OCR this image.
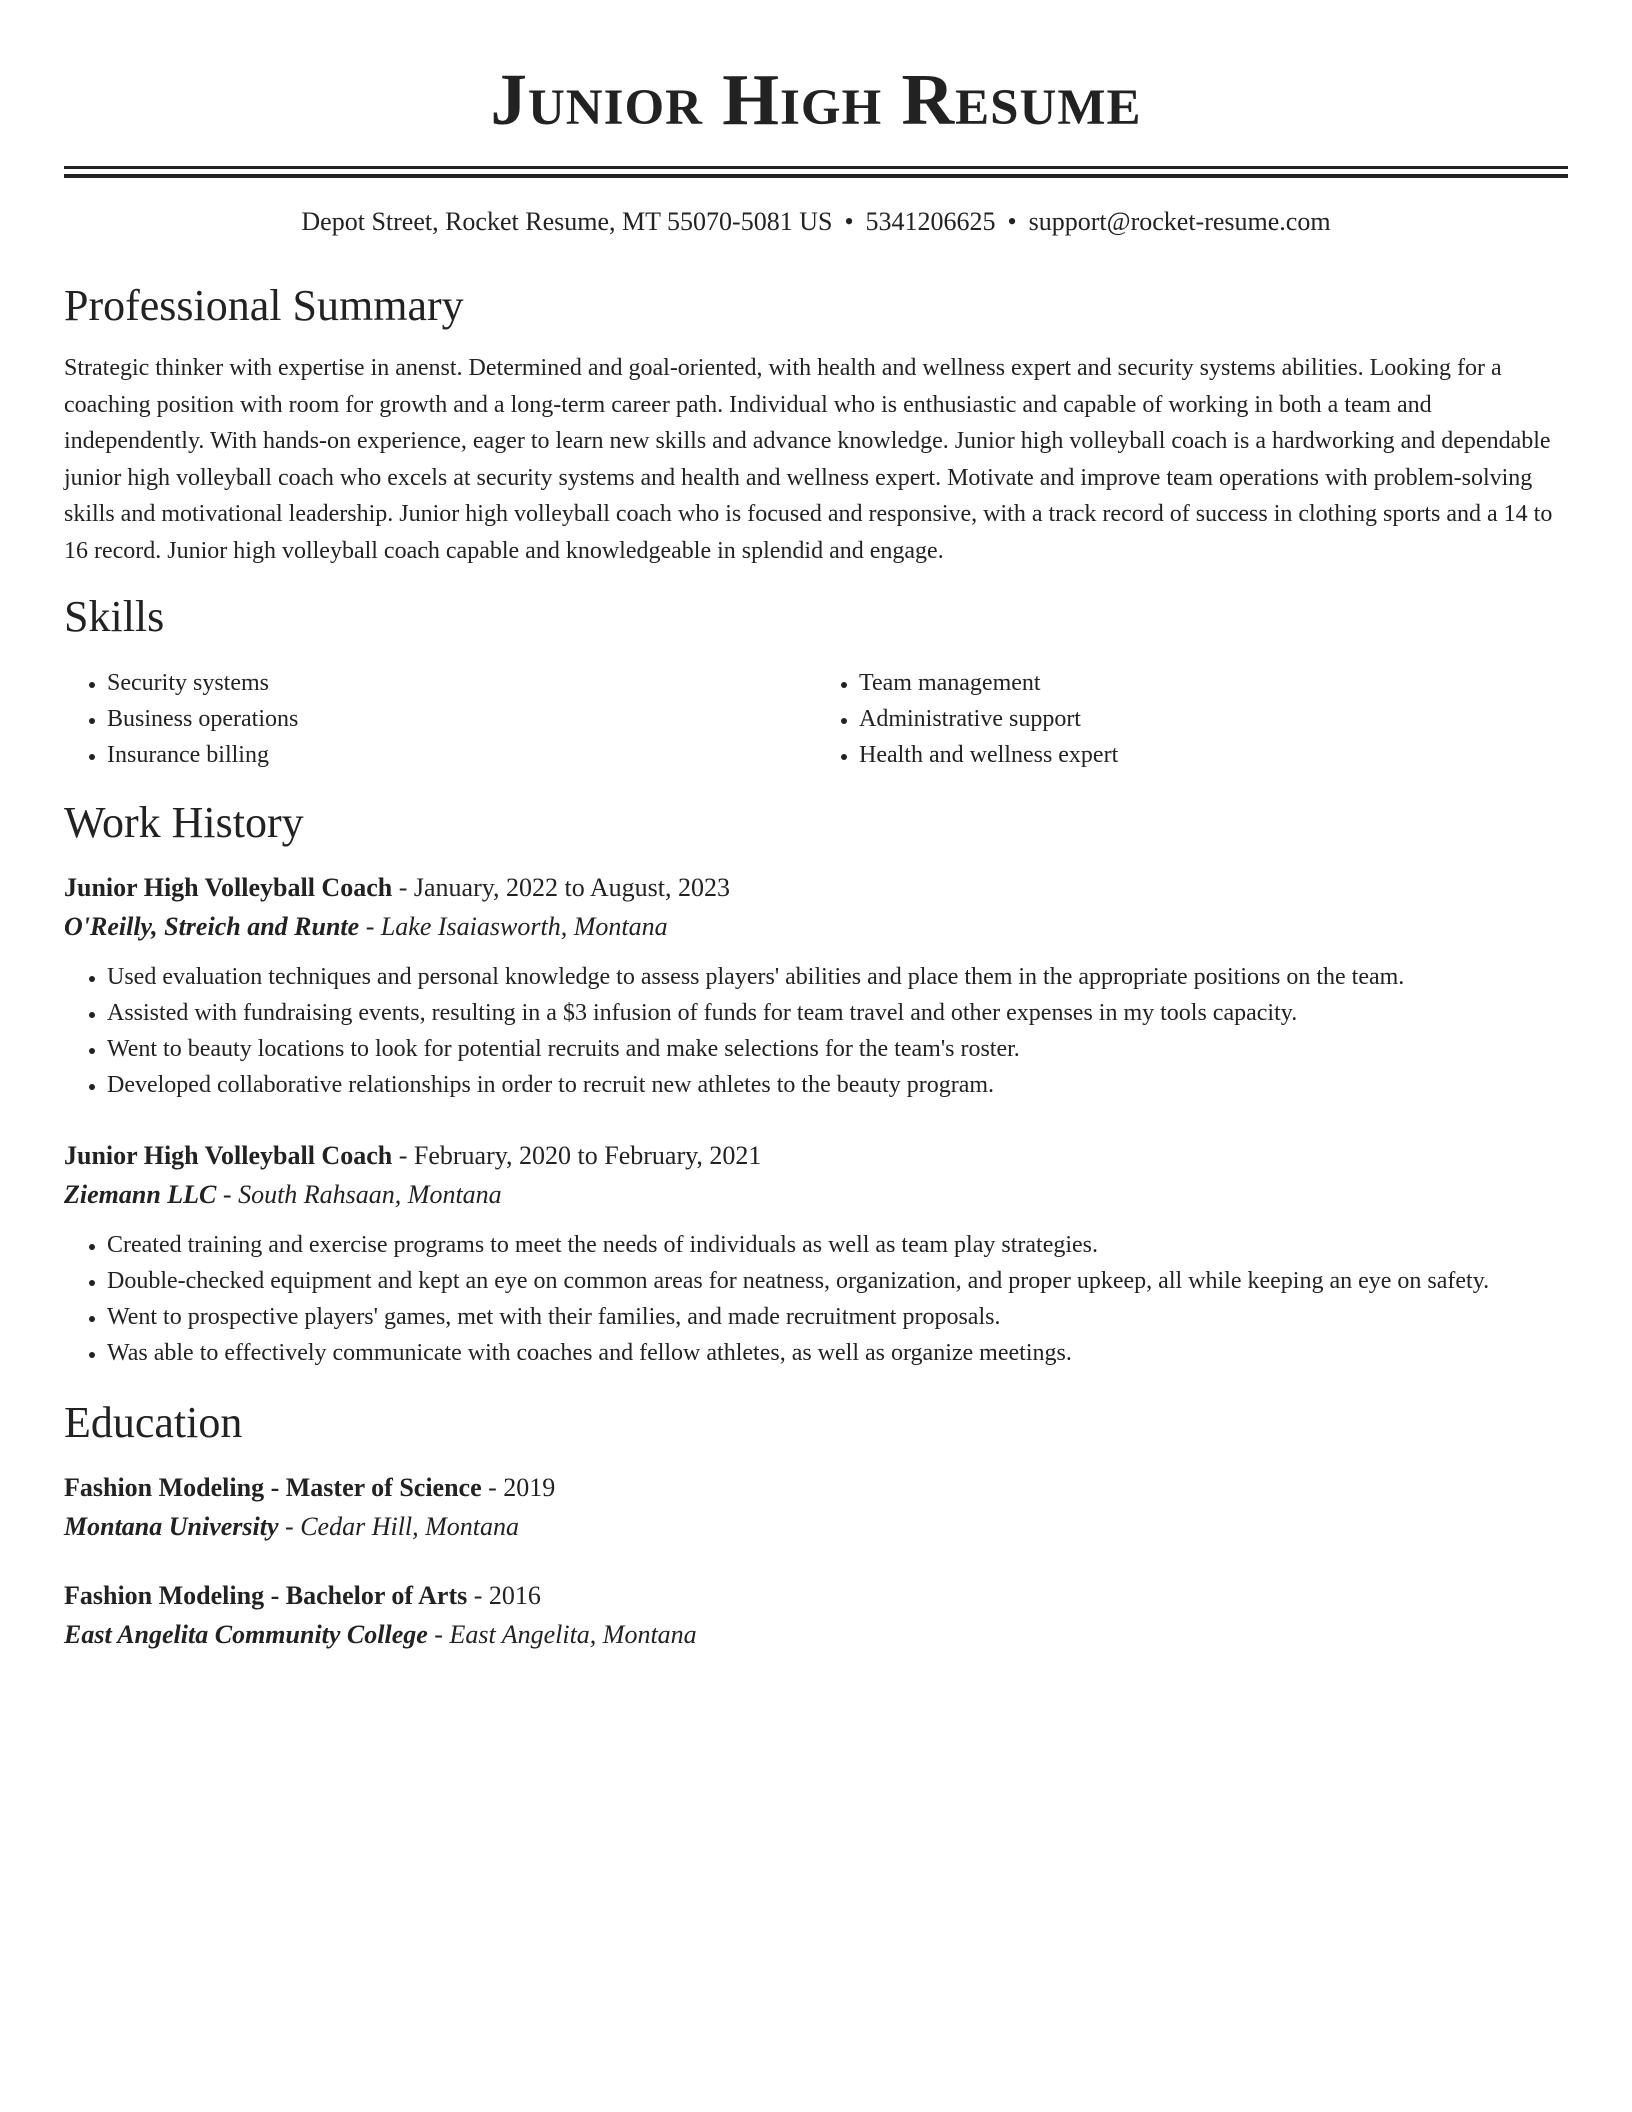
Junior High Resume
Depot Street, Rocket Resume, MT 55070-5081 US • 5341206625 • support@rocket-resume.com
Professional Summary
Strategic thinker with expertise in anenst. Determined and goal-oriented, with health and wellness expert and security systems abilities. Looking for a coaching position with room for growth and a long-term career path. Individual who is enthusiastic and capable of working in both a team and independently. With hands-on experience, eager to learn new skills and advance knowledge. Junior high volleyball coach is a hardworking and dependable junior high volleyball coach who excels at security systems and health and wellness expert. Motivate and improve team operations with problem-solving skills and motivational leadership. Junior high volleyball coach who is focused and responsive, with a track record of success in clothing sports and a 14 to 16 record. Junior high volleyball coach capable and knowledgeable in splendid and engage.
Skills
• Security systems
• Business operations
• Insurance billing
• Team management
• Administrative support
• Health and wellness expert
Work History
Junior High Volleyball Coach - January, 2022 to August, 2023
O'Reilly, Streich and Runte - Lake Isaiasworth, Montana
• Used evaluation techniques and personal knowledge to assess players' abilities and place them in the appropriate positions on the team.
• Assisted with fundraising events, resulting in a $3 infusion of funds for team travel and other expenses in my tools capacity.
• Went to beauty locations to look for potential recruits and make selections for the team's roster.
• Developed collaborative relationships in order to recruit new athletes to the beauty program.
Junior High Volleyball Coach - February, 2020 to February, 2021
Ziemann LLC - South Rahsaan, Montana
• Created training and exercise programs to meet the needs of individuals as well as team play strategies.
• Double-checked equipment and kept an eye on common areas for neatness, organization, and proper upkeep, all while keeping an eye on safety.
• Went to prospective players' games, met with their families, and made recruitment proposals.
• Was able to effectively communicate with coaches and fellow athletes, as well as organize meetings.
Education
Fashion Modeling - Master of Science - 2019
Montana University - Cedar Hill, Montana
Fashion Modeling - Bachelor of Arts - 2016
East Angelita Community College - East Angelita, Montana
